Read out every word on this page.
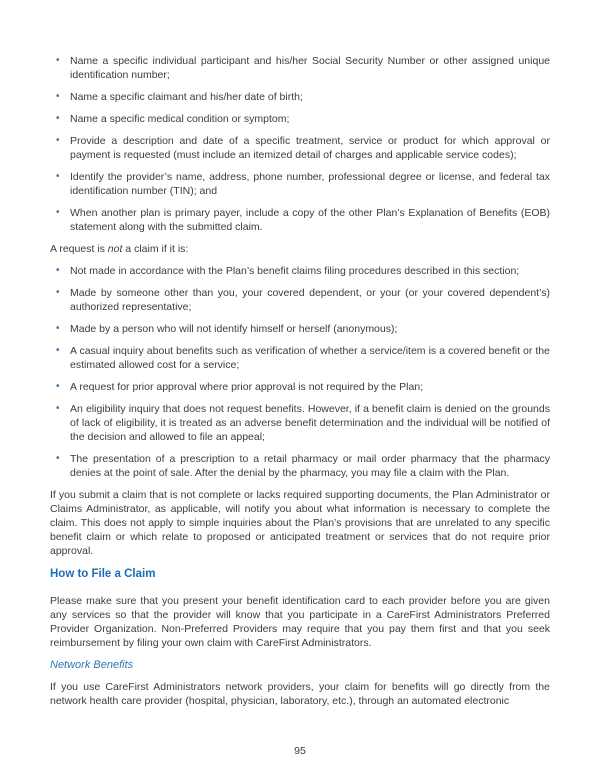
• Name a specific individual participant and his/her Social Security Number or other assigned unique identification number;
• Name a specific claimant and his/her date of birth;
• Name a specific medical condition or symptom;
• Provide a description and date of a specific treatment, service or product for which approval or payment is requested (must include an itemized detail of charges and applicable service codes);
• Identify the provider’s name, address, phone number, professional degree or license, and federal tax identification number (TIN); and
• When another plan is primary payer, include a copy of the other Plan’s Explanation of Benefits (EOB) statement along with the submitted claim.

A request is not a claim if it is:

• Not made in accordance with the Plan’s benefit claims filing procedures described in this section;
• Made by someone other than you, your covered dependent, or your (or your covered dependent’s) authorized representative;
• Made by a person who will not identify himself or herself (anonymous);
• A casual inquiry about benefits such as verification of whether a service/item is a covered benefit or the estimated allowed cost for a service;
• A request for prior approval where prior approval is not required by the Plan;
• An eligibility inquiry that does not request benefits. However, if a benefit claim is denied on the grounds of lack of eligibility, it is treated as an adverse benefit determination and the individual will be notified of the decision and allowed to file an appeal;
• The presentation of a prescription to a retail pharmacy or mail order pharmacy that the pharmacy denies at the point of sale. After the denial by the pharmacy, you may file a claim with the Plan.

If you submit a claim that is not complete or lacks required supporting documents, the Plan Administrator or Claims Administrator, as applicable, will notify you about what information is necessary to complete the claim. This does not apply to simple inquiries about the Plan’s provisions that are unrelated to any specific benefit claim or which relate to proposed or anticipated treatment or services that do not require prior approval.

How to File a Claim

Please make sure that you present your benefit identification card to each provider before you are given any services so that the provider will know that you participate in a CareFirst Administrators Preferred Provider Organization. Non-Preferred Providers may require that you pay them first and that you seek reimbursement by filing your own claim with CareFirst Administrators.

Network Benefits

If you use CareFirst Administrators network providers, your claim for benefits will go directly from the network health care provider (hospital, physician, laboratory, etc.), through an automated electronic

95
